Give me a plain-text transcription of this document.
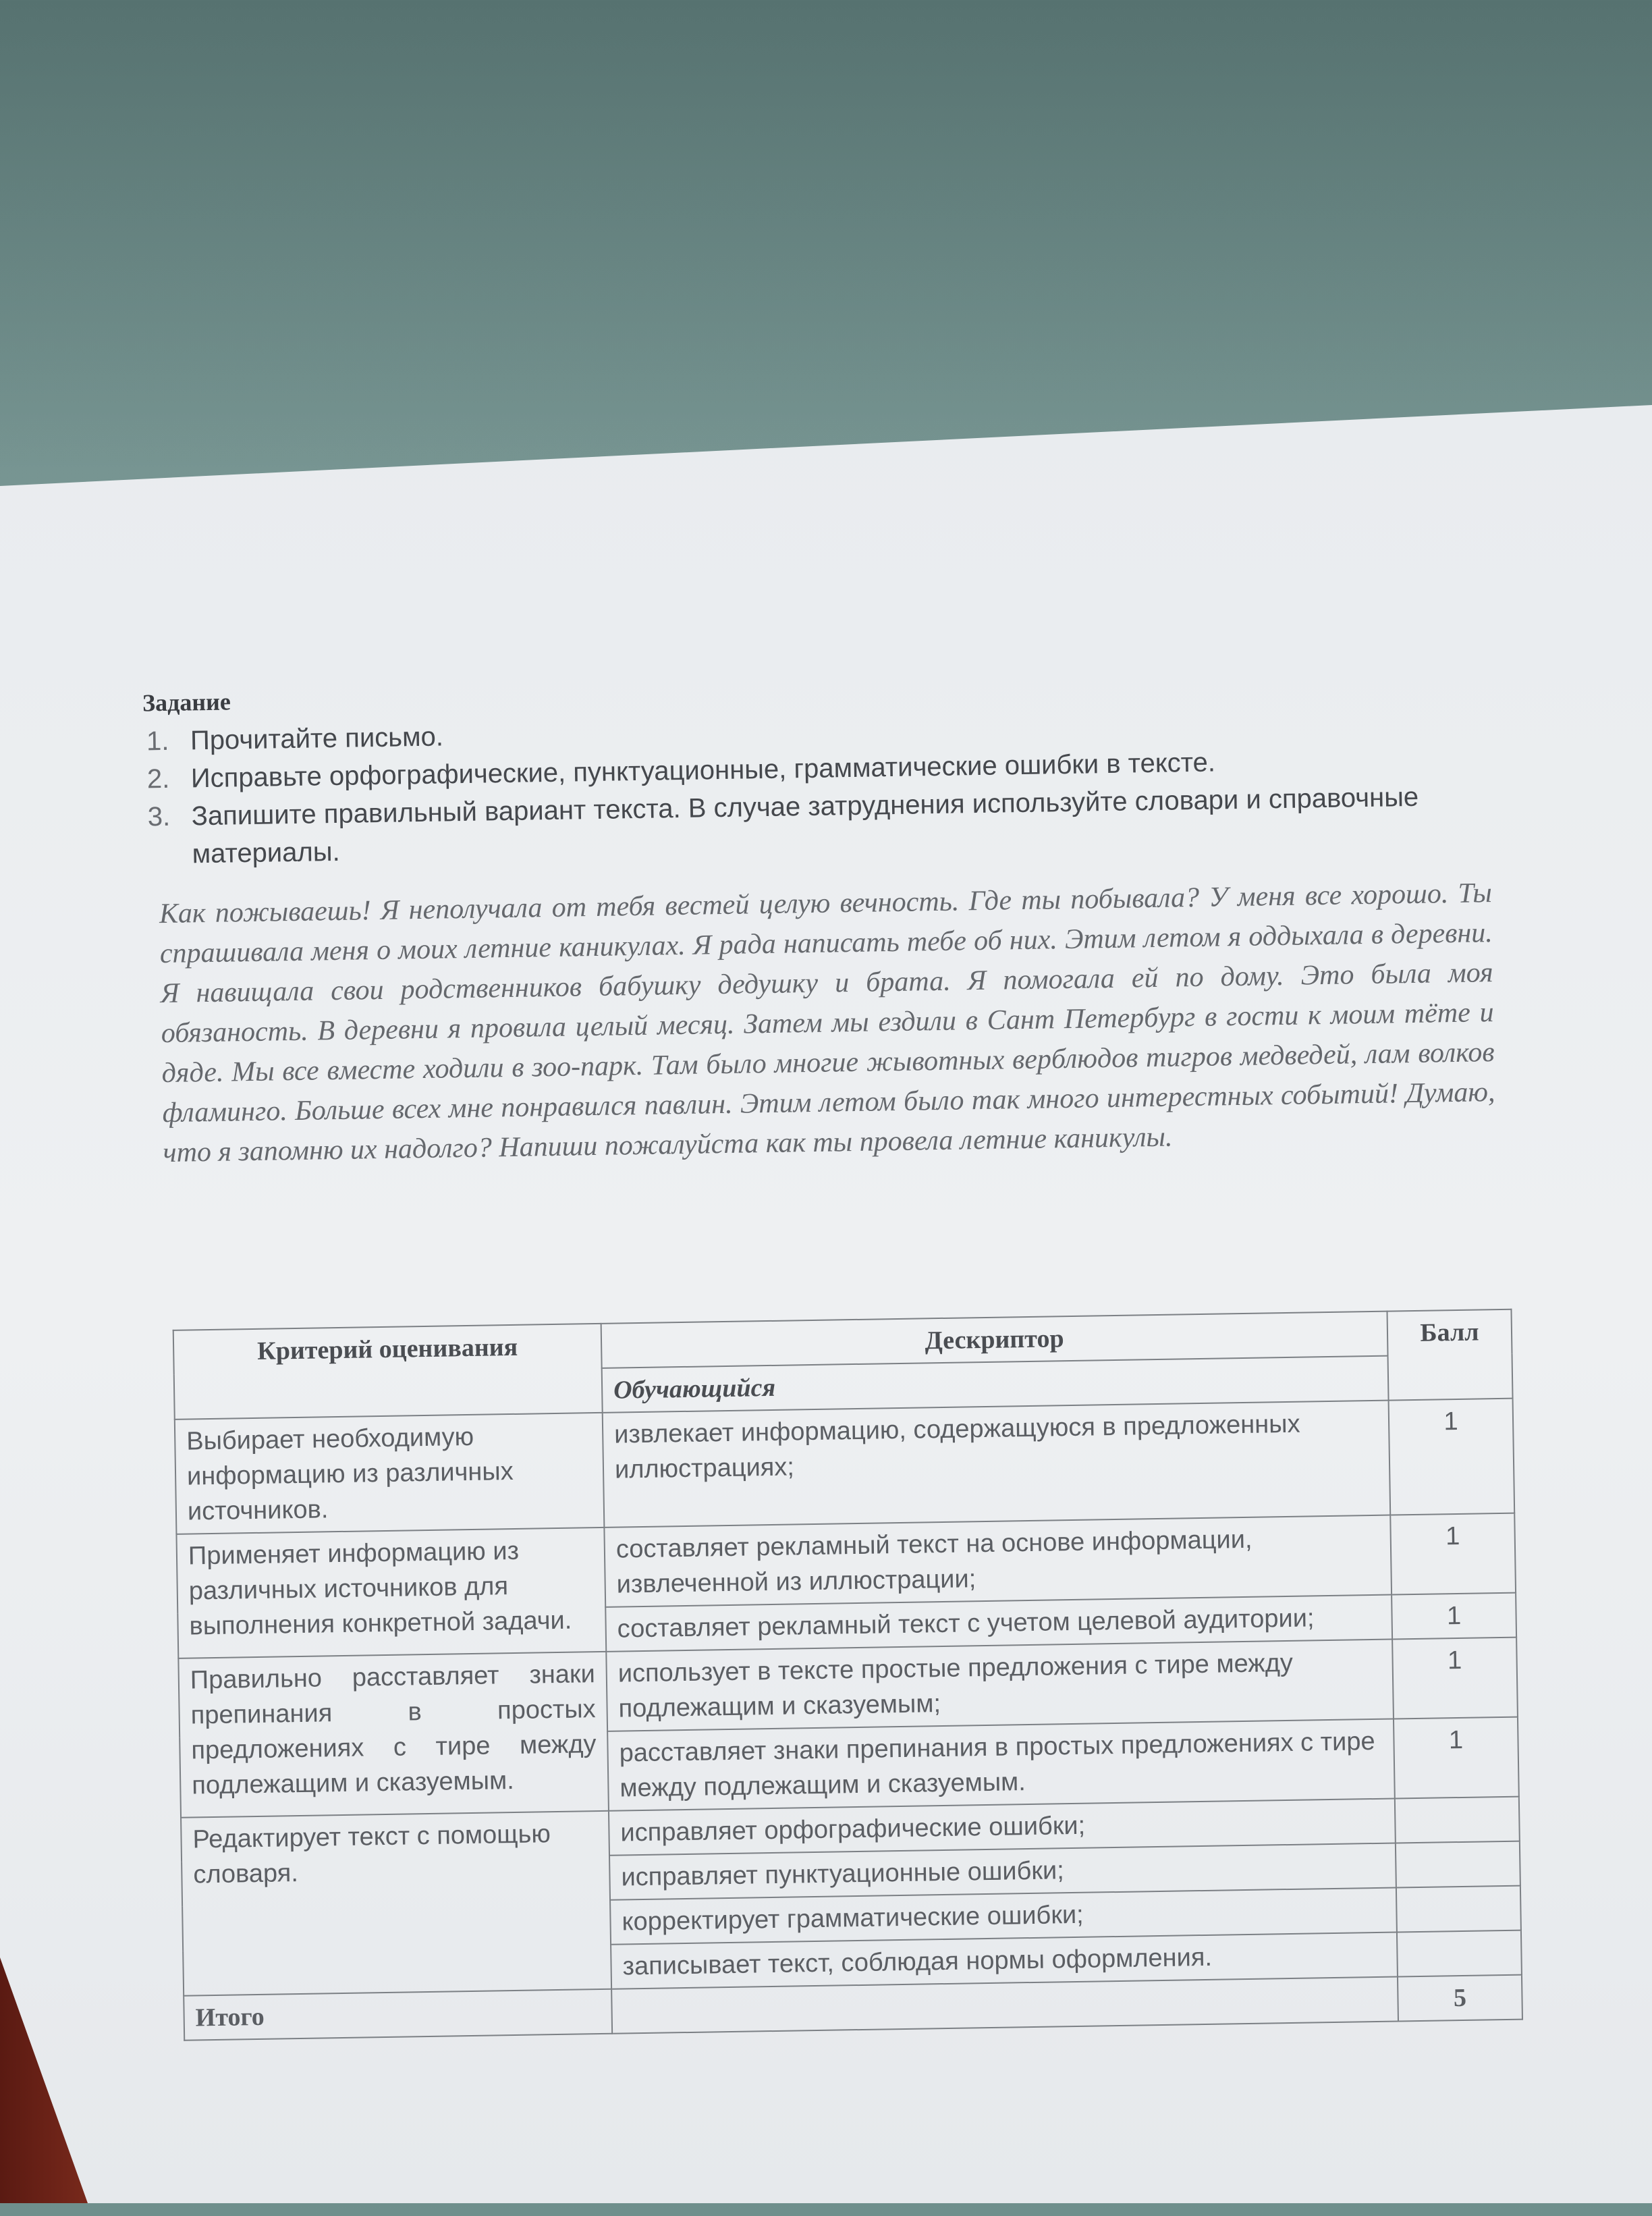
Задание
1. Прочитайте письмо.
2. Исправьте орфографические, пунктуационные, грамматические ошибки в тексте.
3. Запишите правильный вариант текста. В случае затруднения используйте словари и справочные материалы.
Как пожываешь! Я неполучала от тебя вестей целую вечность. Где ты побывала? У меня все хорошо. Ты спрашивала меня о моих летние каникулах. Я рада написать тебе об них. Этим летом я оддыхала в деревни. Я навищала свои родственников бабушку дедушку и брата. Я помогала ей по дому. Это была моя обязаность. В деревни я провила целый месяц. Затем мы ездили в Сант Петербург в гости к моим тёте и дяде. Мы все вместе ходили в зоо-парк. Там было многие жывотных верблюдов тигров медведей, лам волков фламинго. Больше всех мне понравился павлин. Этим летом было так много интерестных событий! Думаю, что я запомню их надолго? Напиши пожалуйста как ты провела летние каникулы.
Критерий оценивания	Дескриптор	Балл
	Обучающийся	
Выбирает необходимую информацию из различных источников.	извлекает информацию, содержащуюся в предложенных иллюстрациях;	1
Применяет информацию из различных источников для выполнения конкретной задачи.	составляет рекламный текст на основе информации, извлеченной из иллюстрации;	1
	составляет рекламный текст с учетом целевой аудитории;	1
Правильно расставляет знаки препинания в простых предложениях с тире между подлежащим и сказуемым.	использует в тексте простые предложения с тире между подлежащим и сказуемым;	1
	расставляет знаки препинания в простых предложениях с тире между подлежащим и сказуемым.	1
Редактирует текст с помощью словаря.	исправляет орфографические ошибки;	
	исправляет пунктуационные ошибки;	
	корректирует грамматические ошибки;	
	записывает текст, соблюдая нормы оформления.	
Итого		5
